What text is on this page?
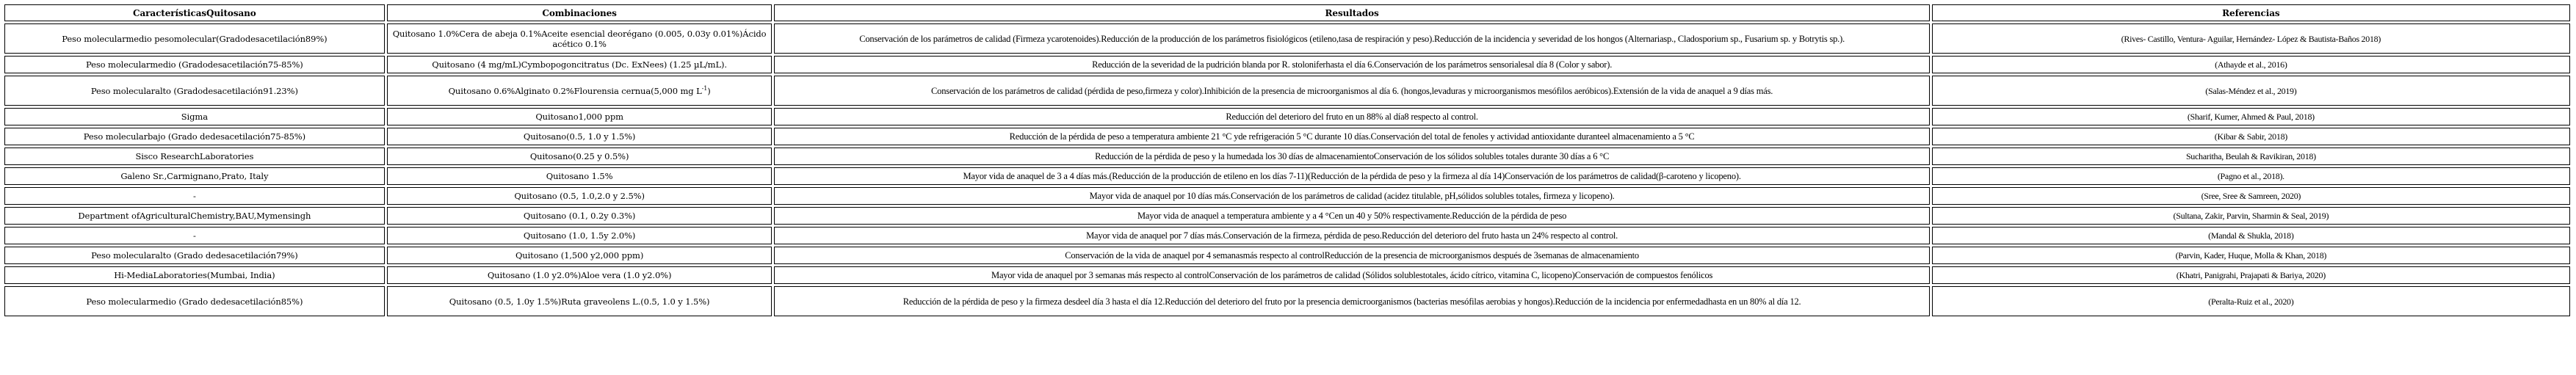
CaracterísticasQuitosano	Combinaciones	Resultados	Referencias
Peso molecularmedio pesomolecular(Gradodesacetilación89%)	Quitosano 1.0%Cera de abeja 0.1%Aceite esencial deorégano (0.005, 0.03y 0.01%)Ácido acético 0.1%	Conservación de los parámetros de calidad (Firmeza ycarotenoides).Reducción de la producción de los parámetros fisiológicos (etileno,tasa de respiración y peso).Reducción de la incidencia y severidad de los hongos (Alternariasp., Cladosporium sp., Fusarium sp. y Botrytis sp.).	(Rives- Castillo, Ventura- Aguilar, Hernández- López & Bautista-Baños 2018)
Peso molecularmedio (Gradodesacetilación75-85%)	Quitosano (4 mg/mL)Cymbopogoncitratus (Dc. ExNees) (1.25 µL/mL).	Reducción de la severidad de la pudrición blanda por R. stoloniferhasta el día 6.Conservación de los parámetros sensorialesal día 8 (Color y sabor).	(Athayde et al., 2016)
Peso molecularalto (Gradodesacetilación91.23%)	Quitosano 0.6%Alginato 0.2%Flourensia cernua(5,000 mg $L^{-1}$)	Conservación de los parámetros de calidad (pérdida de peso,firmeza y color).Inhibición de la presencia de microorganismos al día 6. (hongos,levaduras y microorganismos mesófilos aeróbicos).Extensión de la vida de anaquel a 9 días más.	(Salas-Méndez et al., 2019)
Sigma	Quitosano1,000 ppm	Reducción del deterioro del fruto en un 88% al día8 respecto al control.	(Sharif, Kumer, Ahmed & Paul, 2018)
Peso molecularbajo (Grado dedesacetilación75-85%)	Quitosano(0.5, 1.0 y 1.5%)	Reducción de la pérdida de peso a temperatura ambiente 21 °C yde refrigeración 5 °C durante 10 días.Conservación del total de fenoles y actividad antioxidante duranteel almacenamiento a 5 °C	(Kibar & Sabir, 2018)
Sisco ResearchLaboratories	Quitosano(0.25 y 0.5%)	Reducción de la pérdida de peso y la humedada los 30 días de almacenamientoConservación de los sólidos solubles totales durante 30 días a 6 °C	Sucharitha, Beulah & Ravikiran, 2018)
Galeno Sr.,Carmignano,Prato, Italy	Quitosano 1.5%	Mayor vida de anaquel de 3 a 4 días más.(Reducción de la producción de etileno en los días 7-11)(Reducción de la pérdida de peso y la firmeza al día 14)Conservación de los parámetros de calidad(β-caroteno y licopeno).	(Pagno et al., 2018).
-	Quitosano (0.5, 1.0,2.0 y 2.5%)	Mayor vida de anaquel por 10 días más.Conservación de los parámetros de calidad (acidez titulable, pH,sólidos solubles totales, firmeza y licopeno).	(Sree, Sree & Samreen, 2020)
Department ofAgriculturalChemistry,BAU,Mymensingh	Quitosano (0.1, 0.2y 0.3%)	Mayor vida de anaquel a temperatura ambiente y a 4 °Cen un 40 y 50% respectivamente.Reducción de la pérdida de peso	(Sultana, Zakir, Parvin, Sharmin & Seal, 2019)
-	Quitosano (1.0, 1.5y 2.0%)	Mayor vida de anaquel por 7 días más.Conservación de la firmeza, pérdida de peso.Reducción del deterioro del fruto hasta un 24% respecto al control.	(Mandal & Shukla, 2018)
Peso molecularalto (Grado dedesacetilación79%)	Quitosano (1,500 y2,000 ppm)	Conservación de la vida de anaquel por 4 semanasmás respecto al controlReducción de la presencia de microorganismos después de 3semanas de almacenamiento	(Parvin, Kader, Huque, Molla & Khan, 2018)
Hi-MediaLaboratories(Mumbai, India)	Quitosano (1.0 y2.0%)Aloe vera (1.0 y2.0%)	Mayor vida de anaquel por 3 semanas más respecto al controlConservación de los parámetros de calidad (Sólidos solublestotales, ácido cítrico, vitamina C, licopeno)Conservación de compuestos fenólicos	(Khatri, Panigrahi, Prajapati & Bariya, 2020)
Peso molecularmedio (Grado dedesacetilación85%)	Quitosano (0.5, 1.0y 1.5%)Ruta graveolens L.(0.5, 1.0 y 1.5%)	Reducción de la pérdida de peso y la firmeza desdeel día 3 hasta el día 12.Reducción del deterioro del fruto por la presencia demicroorganismos (bacterias mesófilas aerobias y hongos).Reducción de la incidencia por enfermedadhasta en un 80% al día 12.	(Peralta-Ruiz et al., 2020)
